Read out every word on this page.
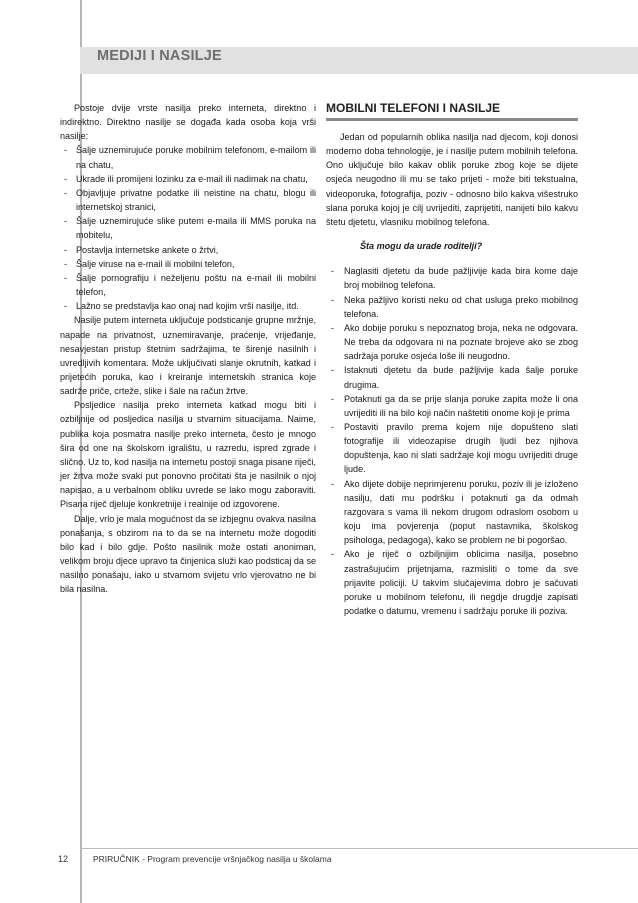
MEDIJI I NASILJE

Postoje dvije vrste nasilja preko interneta, direktno i indirektno. Direktno nasilje se događa kada osoba koja vrši nasilje:

- Šalje uznemirujuće poruke mobilnim telefonom, e-mailom ili na chatu,
- Ukrade ili promijeni lozinku za e-mail ili nadimak na chatu,
- Objavljuje privatne podatke ili neistine na chatu, blogu ili internetskoj stranici,
- Šalje uznemirujuće slike putem e-maila ili MMS poruka na mobitelu,
- Postavlja internetske ankete o žrtvi,
- Šalje viruse na e-mail ili mobilni telefon,
- Šalje pornografiju i neželjenu poštu na e-mail ili mobilni telefon,
- Lažno se predstavlja kao onaj nad kojim vrši nasilje, itd.

Nasilje putem interneta uključuje podsticanje grupne mržnje, napade na privatnost, uznemiravanje, praćenje, vrijeđanje, nesavjestan pristup štetnim sadržajima, te širenje nasilnih i uvredljivih komentara. Može uključivati slanje okrutnih, katkad i prijetećih poruka, kao i kreiranje internetskih stranica koje sadrže priče, crteže, slike i šale na račun žrtve.

Posljedice nasilja preko interneta katkad mogu biti i ozbiljnije od posljedica nasilja u stvarnim situacijama. Naime, publika koja posmatra nasilje preko interneta, često je mnogo šira od one na školskom igralištu, u razredu, ispred zgrade i slično. Uz to, kod nasilja na internetu postoji snaga pisane riječi, jer žrtva može svaki put ponovno pročitati šta je nasilnik o njoj napisao, a u verbalnom obliku uvrede se lako mogu zaboraviti. Pisana riječ djeluje konkretnije i realnije od izgovorene.

Dalje, vrlo je mala mogućnost da se izbjegnu ovakva nasilna ponašanja, s obzirom na to da se na internetu može dogoditi bilo kad i bilo gdje. Pošto nasilnik može ostati anoniman, velikom broju djece upravo ta činjenica služi kao podsticaj da se nasilno ponašaju, iako u stvarnom svijetu vrlo vjerovatno ne bi bila nasilna.

MOBILNI TELEFONI I NASILJE

Jedan od popularnih oblika nasilja nad djecom, koji donosi moderno doba tehnologije, je i nasilje putem mobilnih telefona. Ono uključuje bilo kakav oblik poruke zbog koje se dijete osjeća neugodno ili mu se tako prijeti - može biti tekstualna, videoporuka, fotografija, poziv - odnosno bilo kakva višestruko slana poruka kojoj je cilj uvrijediti, zaprijetiti, nanijeti bilo kakvu štetu djetetu, vlasniku mobilnog telefona.

Šta mogu da urade roditelji?

- Naglasiti djetetu da bude pažljivije kada bira kome daje broj mobilnog telefona.
- Neka pažljivo koristi neku od chat usluga preko mobilnog telefona.
- Ako dobije poruku s nepoznatog broja, neka ne odgovara. Ne treba da odgovara ni na poznate brojeve ako se zbog sadržaja poruke osjeća loše ili neugodno.
- Istaknuti djetetu da bude pažljivije kada šalje poruke drugima.
- Potaknuti ga da se prije slanja poruke zapita može li ona uvrijediti ili na bilo koji način naštetiti onome koji je prima
- Postaviti pravilo prema kojem nije dopušteno slati fotografije ili videozapise drugih ljudi bez njihova dopuštenja, kao ni slati sadržaje koji mogu uvrijediti druge ljude.
- Ako dijete dobije neprimjerenu poruku, poziv ili je izloženo nasilju, dati mu podršku i potaknuti ga da odmah razgovara s vama ili nekom drugom odraslom osobom u koju ima povjerenja (poput nastavnika, školskog psihologa, pedagoga), kako se problem ne bi pogoršao.
- Ako je riječ o ozbiljnijim oblicima nasilja, posebno zastrašujućim prijetnjama, razmisliti o tome da sve prijavite policiji. U takvim slučajevima dobro je sačuvati poruke u mobilnom telefonu, ili negdje drugdje zapisati podatke o datumu, vremenu i sadržaju poruke ili poziva.
12	PRIRUČNIK - Program prevencije vršnjačkog nasilja u školama
